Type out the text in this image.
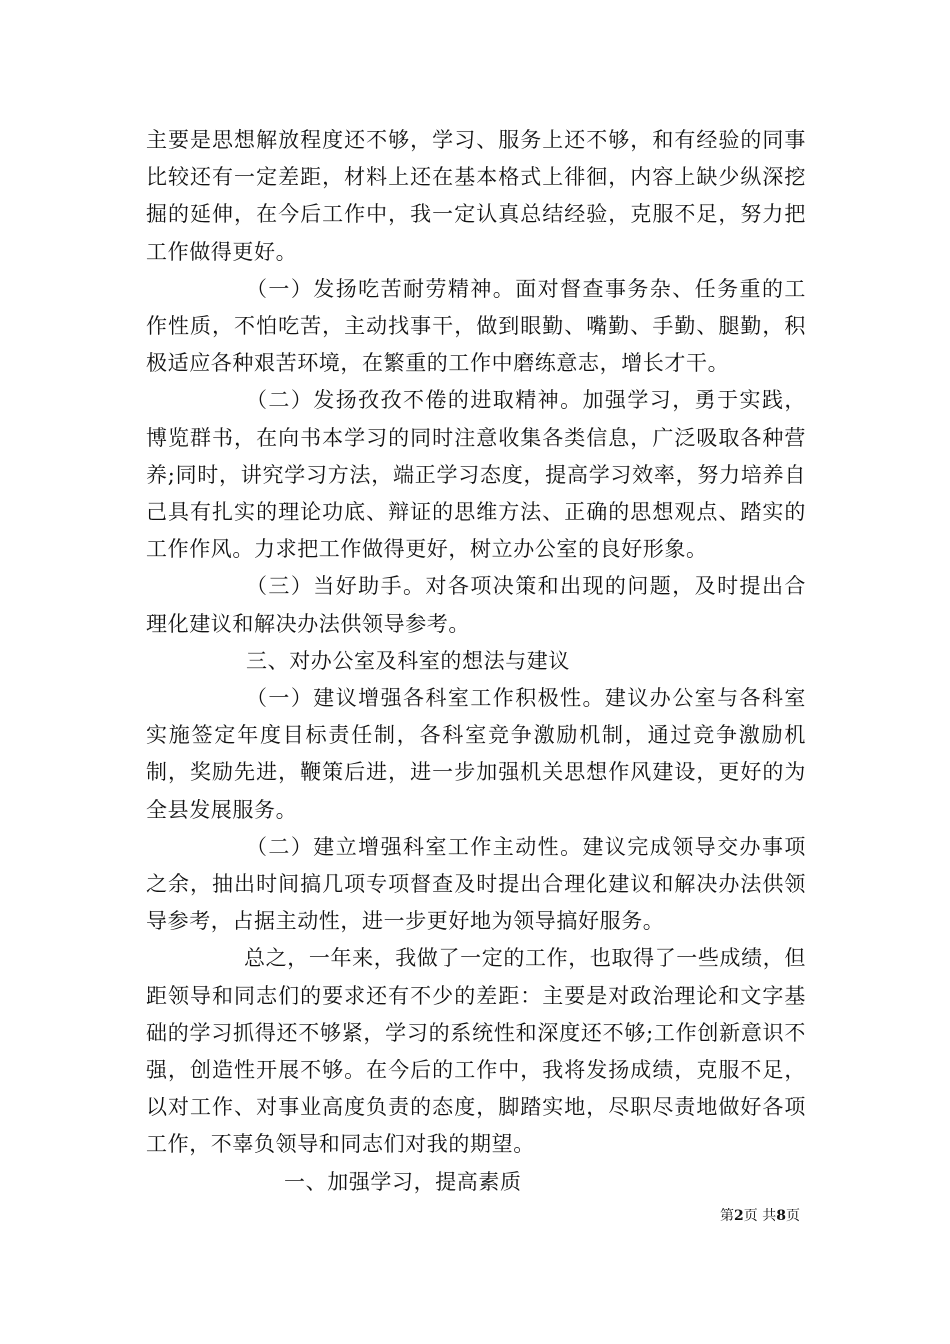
主要是思想解放程度还不够，学习、服务上还不够，和有经验的同事比较还有一定差距，材料上还在基本格式上徘徊，内容上缺少纵深挖掘的延伸，在今后工作中，我一定认真总结经验，克服不足，努力把工作做得更好。

（一）发扬吃苦耐劳精神。面对督查事务杂、任务重的工作性质，不怕吃苦，主动找事干，做到眼勤、嘴勤、手勤、腿勤，积极适应各种艰苦环境，在繁重的工作中磨练意志，增长才干。

（二）发扬孜孜不倦的进取精神。加强学习，勇于实践，博览群书，在向书本学习的同时注意收集各类信息，广泛吸取各种营养;同时，讲究学习方法，端正学习态度，提高学习效率，努力培养自己具有扎实的理论功底、辩证的思维方法、正确的思想观点、踏实的工作作风。力求把工作做得更好，树立办公室的良好形象。

（三）当好助手。对各项决策和出现的问题，及时提出合理化建议和解决办法供领导参考。

三、对办公室及科室的想法与建议

（一）建议增强各科室工作积极性。建议办公室与各科室实施签定年度目标责任制，各科室竞争激励机制，通过竞争激励机制，奖励先进，鞭策后进，进一步加强机关思想作风建设，更好的为全县发展服务。

（二）建立增强科室工作主动性。建议完成领导交办事项之余，抽出时间搞几项专项督查及时提出合理化建议和解决办法供领导参考，占据主动性，进一步更好地为领导搞好服务。

总之，一年来，我做了一定的工作，也取得了一些成绩，但距领导和同志们的要求还有不少的差距：主要是对政治理论和文字基础的学习抓得还不够紧，学习的系统性和深度还不够;工作创新意识不强，创造性开展不够。在今后的工作中，我将发扬成绩，克服不足，以对工作、对事业高度负责的态度，脚踏实地，尽职尽责地做好各项工作，不辜负领导和同志们对我的期望。

一、加强学习，提高素质

第2页 共8页
